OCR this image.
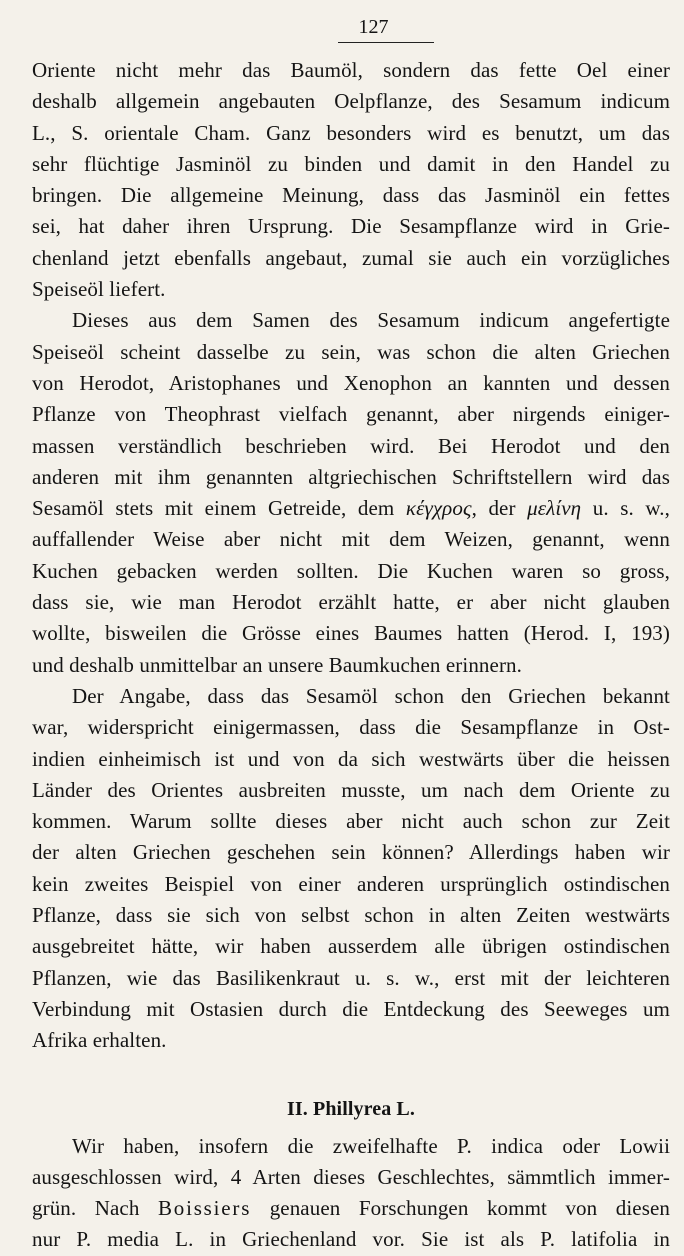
127
Oriente nicht mehr das Baumöl, sondern das fette Oel einer
deshalb allgemein angebauten Oelpflanze, des Sesamum indicum
L., S. orientale Cham. Ganz besonders wird es benutzt, um das
sehr flüchtige Jasminöl zu binden und damit in den Handel zu
bringen. Die allgemeine Meinung, dass das Jasminöl ein fettes
sei, hat daher ihren Ursprung. Die Sesampflanze wird in Grie-
chenland jetzt ebenfalls angebaut, zumal sie auch ein vorzügliches
Speiseöl liefert.
Dieses aus dem Samen des Sesamum indicum angefertigte
Speiseöl scheint dasselbe zu sein, was schon die alten Griechen
von Herodot, Aristophanes und Xenophon an kannten und dessen
Pflanze von Theophrast vielfach genannt, aber nirgends einiger-
massen verständlich beschrieben wird. Bei Herodot und den
anderen mit ihm genannten altgriechischen Schriftstellern wird das
Sesamöl stets mit einem Getreide, dem κέγχρος, der μελίνη u. s. w.,
auffallender Weise aber nicht mit dem Weizen, genannt, wenn
Kuchen gebacken werden sollten. Die Kuchen waren so gross,
dass sie, wie man Herodot erzählt hatte, er aber nicht glauben
wollte, bisweilen die Grösse eines Baumes hatten (Herod. I, 193)
und deshalb unmittelbar an unsere Baumkuchen erinnern.
Der Angabe, dass das Sesamöl schon den Griechen bekannt
war, widerspricht einigermassen, dass die Sesampflanze in Ost-
indien einheimisch ist und von da sich westwärts über die heissen
Länder des Orientes ausbreiten musste, um nach dem Oriente zu
kommen. Warum sollte dieses aber nicht auch schon zur Zeit
der alten Griechen geschehen sein können? Allerdings haben wir
kein zweites Beispiel von einer anderen ursprünglich ostindischen
Pflanze, dass sie sich von selbst schon in alten Zeiten westwärts
ausgebreitet hätte, wir haben ausserdem alle übrigen ostindischen
Pflanzen, wie das Basilikenkraut u. s. w., erst mit der leichteren
Verbindung mit Ostasien durch die Entdeckung des Seeweges um
Afrika erhalten.
II. Phillyrea L.
Wir haben, insofern die zweifelhafte P. indica oder Lowii
ausgeschlossen wird, 4 Arten dieses Geschlechtes, sämmtlich immer-
grün. Nach Boissiers genauen Forschungen kommt von diesen
nur P. media L. in Griechenland vor. Sie ist als P. latifolia in
